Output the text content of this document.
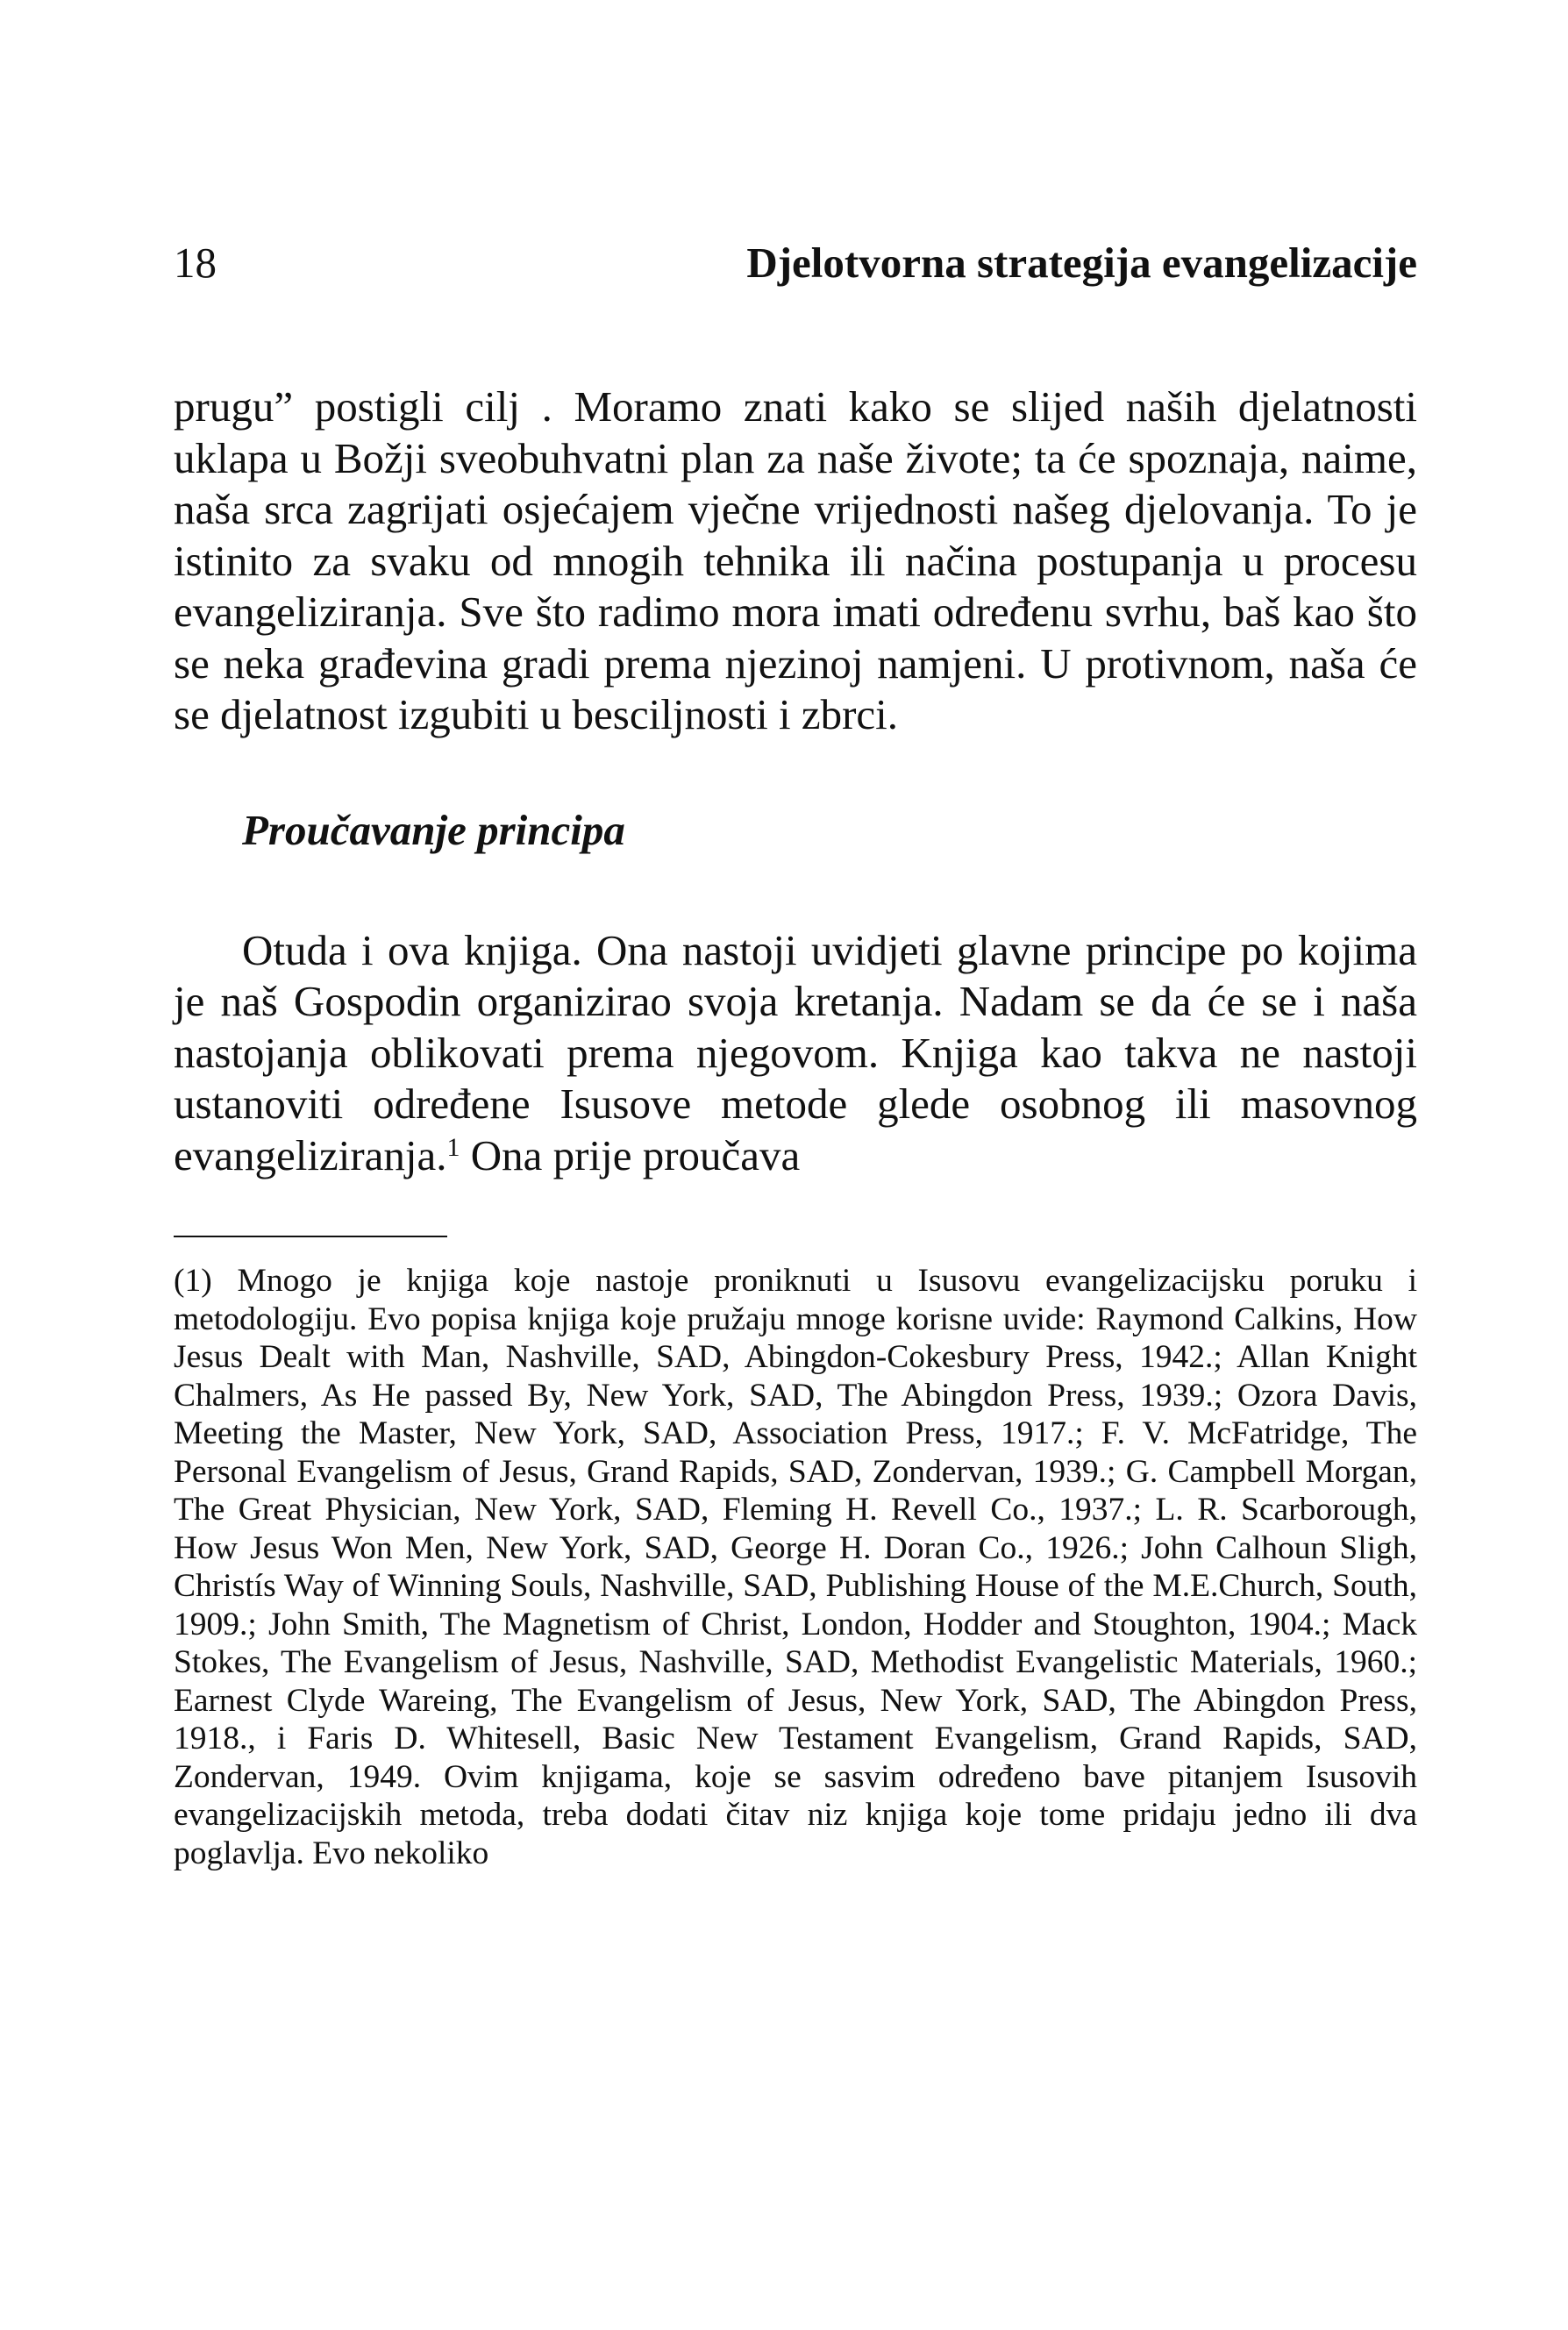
18	Djelotvorna strategija evangelizacije

prugu” postigli cilj . Moramo znati kako se slijed naših djelatnosti uklapa u Božji sveobuhvatni plan za naše živote; ta će spoznaja, naime, naša srca zagrijati osjećajem vječne vrijednosti našeg djelovanja. To je istinito za svaku od mnogih tehnika ili načina postupanja u procesu evangeliziranja. Sve što radimo mora imati određenu svrhu, baš kao što se neka građevina gradi prema njezinoj namjeni. U protivnom, naša će se djelatnost izgubiti u besciljnosti i zbrci.

Proučavanje principa

Otuda i ova knjiga. Ona nastoji uvidjeti glavne principe po kojima je naš Gospodin organizirao svoja kretanja. Nadam se da će se i naša nastojanja oblikovati prema njegovom. Knjiga kao takva ne nastoji ustanoviti određene Isusove metode glede osobnog ili masovnog evangeliziranja.$^1$ Ona prije proučava

(1) Mnogo je knjiga koje nastoje proniknuti u Isusovu evangelizacijsku poruku i metodologiju. Evo popisa knjiga koje pružaju mnoge korisne uvide: Raymond Calkins, How Jesus Dealt with Man, Nashville, SAD, Abingdon-Cokesbury Press, 1942.; Allan Knight Chalmers, As He passed By, New York, SAD, The Abingdon Press, 1939.; Ozora Davis, Meeting the Master, New York, SAD, Association Press, 1917.; F. V. McFatridge, The Personal Evangelism of Jesus, Grand Rapids, SAD, Zondervan, 1939.; G. Campbell Morgan, The Great Physician, New York, SAD, Fleming H. Revell Co., 1937.; L. R. Scarborough, How Jesus Won Men, New York, SAD, George H. Doran Co., 1926.; John Calhoun Sligh, Christís Way of Winning Souls, Nashville, SAD, Publishing House of the M.E.Church, South, 1909.; John Smith, The Magnetism of Christ, London, Hodder and Stoughton, 1904.; Mack Stokes, The Evangelism of Jesus, Nashville, SAD, Methodist Evangelistic Materials, 1960.; Earnest Clyde Wareing, The Evangelism of Jesus, New York, SAD, The Abingdon Press, 1918., i Faris D. Whitesell, Basic New Testament Evangelism, Grand Rapids, SAD, Zondervan, 1949. Ovim knjigama, koje se sasvim određeno bave pitanjem Isusovih evangelizacijskih metoda, treba dodati čitav niz knjiga koje tome pridaju jedno ili dva poglavlja. Evo nekoliko
